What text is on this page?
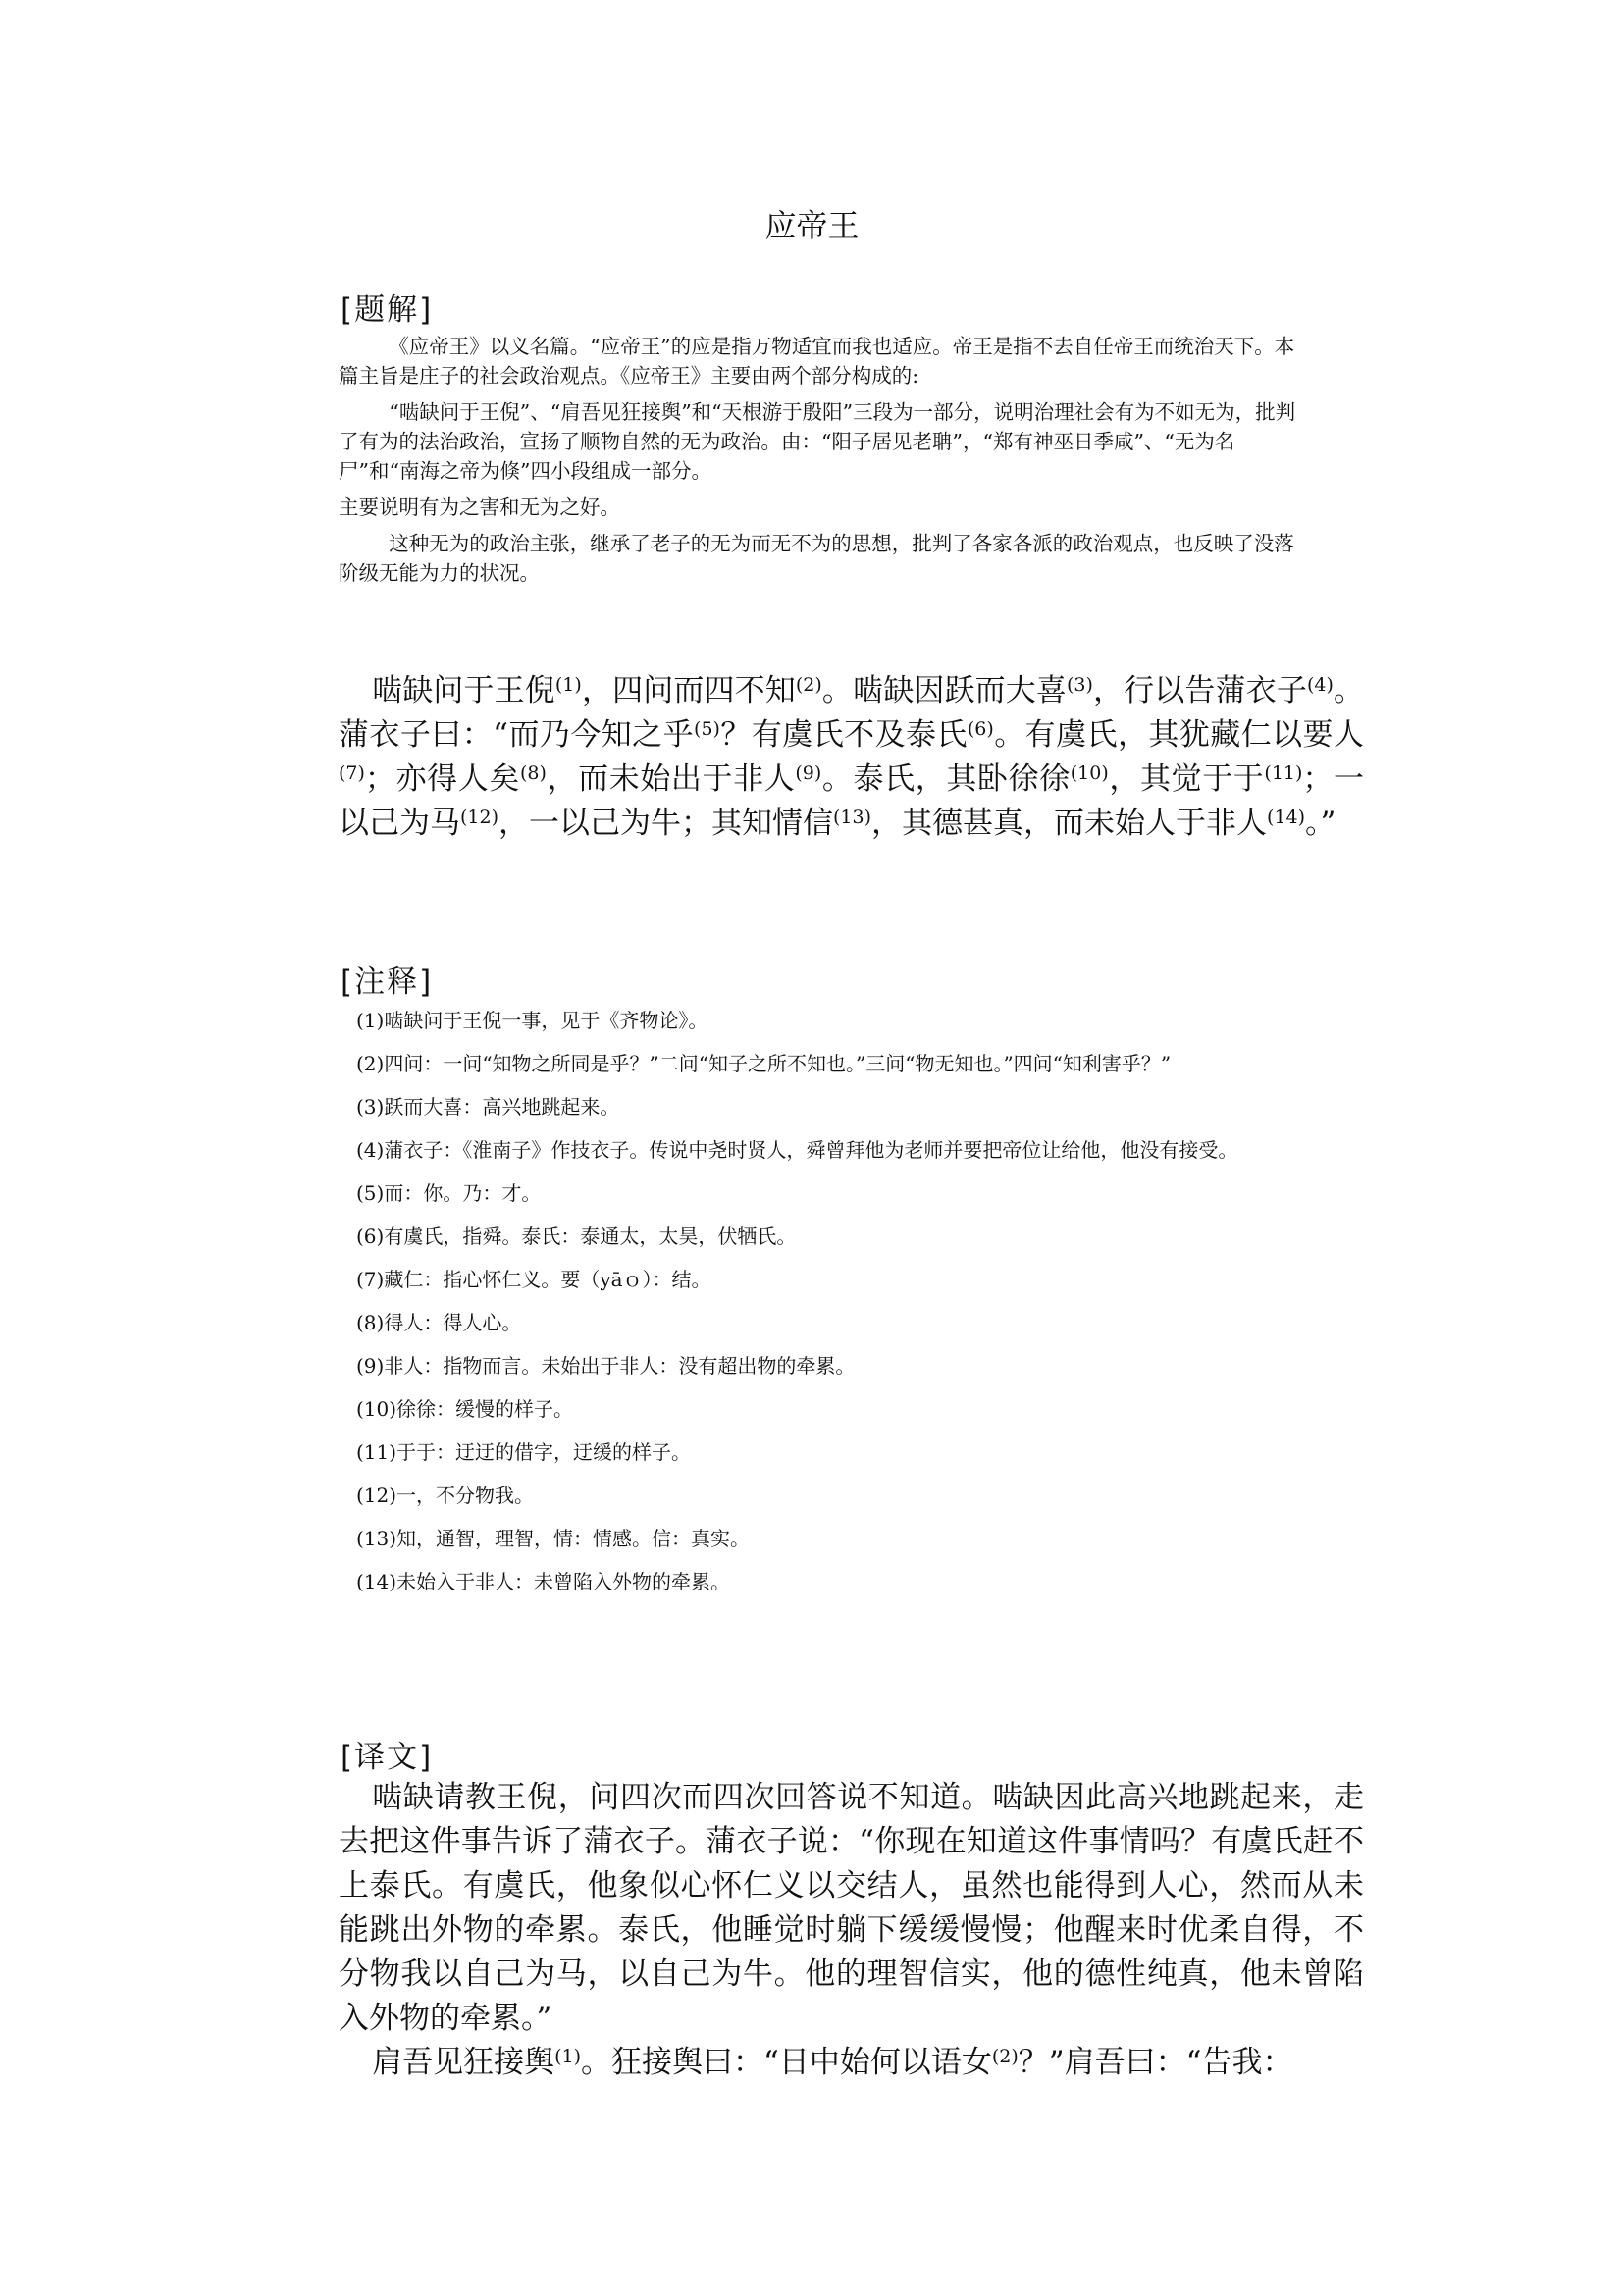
应帝王
[题解]

《应帝王》以义名篇。“应帝王”的应是指万物适宜而我也适应。帝王是指不去自任帝王而统治天下。本篇主旨是庄子的社会政治观点。《应帝王》主要由两个部分构成的:

“啮缺问于王倪”、“肩吾见狂接舆”和“天根游于殷阳”三段为一部分，说明治理社会有为不如无为，批判了有为的法治政治，宣扬了顺物自然的无为政治。由：“阳子居见老聃”，“郑有神巫日季咸”、“无为名尸”和“南海之帝为倏”四小段组成一部分。

主要说明有为之害和无为之好。

这种无为的政治主张，继承了老子的无为而无不为的思想，批判了各家各派的政治观点，也反映了没落阶级无能为力的状况。

啮缺问于王倪$^{(1)}$，四问而四不知$^{(2)}$。啮缺因跃而大喜$^{(3)}$，行以告蒲衣子$^{(4)}$。蒲衣子曰：“而乃今知之乎$^{(5)}$？有虞氏不及泰氏$^{(6)}$。有虞氏，其犹藏仁以要人$^{(7)}$；亦得人矣$^{(8)}$，而未始出于非人$^{(9)}$。泰氏，其卧徐徐$^{(10)}$，其觉于于$^{(11)}$；一以己为马$^{(12)}$，一以己为牛；其知情信$^{(13)}$，其德甚真，而未始人于非人$^{(14)}$。”

[注释]

(1)啮缺问于王倪一事，见于《齐物论》。

(2)四问：一问“知物之所同是乎？”二问“知子之所不知也。”三问“物无知也。”四问“知利害乎？”

(3)跃而大喜：高兴地跳起来。

(4)蒲衣子：《淮南子》作技衣子。传说中尧时贤人，舜曾拜他为老师并要把帝位让给他，他没有接受。

(5)而：你。乃：才。

(6)有虞氏，指舜。泰氏：泰通太，太昊，伏牺氏。

(7)藏仁：指心怀仁义。要（yāｏ）：结。

(8)得人：得人心。

(9)非人：指物而言。未始出于非人：没有超出物的牵累。

(10)徐徐：缓慢的样子。

(11)于于：迂迂的借字，迂缓的样子。

(12)一，不分物我。

(13)知，通智，理智，情：情感。信：真实。

(14)未始入于非人：未曾陷入外物的牵累。

[译文]

啮缺请教王倪，问四次而四次回答说不知道。啮缺因此高兴地跳起来，走去把这件事告诉了蒲衣子。蒲衣子说：“你现在知道这件事情吗？有虞氏赶不上泰氏。有虞氏，他象似心怀仁义以交结人，虽然也能得到人心，然而从未能跳出外物的牵累。泰氏，他睡觉时躺下缓缓慢慢；他醒来时优柔自得，不分物我以自己为马，以自己为牛。他的理智信实，他的德性纯真，他未曾陷入外物的牵累。”

肩吾见狂接舆$^{(1)}$。狂接舆曰：“日中始何以语女$^{(2)}$？”肩吾曰：“告我：
